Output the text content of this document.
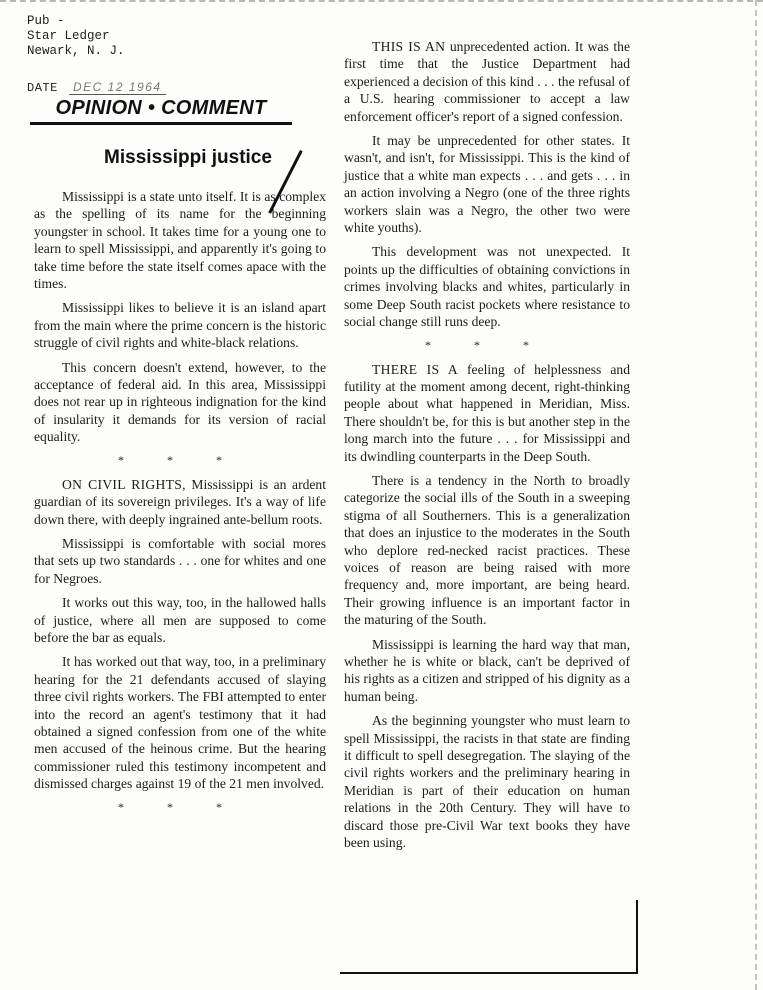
Pub -
Star Ledger
Newark, N. J.
DATE DEC 12 1964
OPINION • COMMENT
Mississippi justice

Mississippi is a state unto itself. It is as complex as the spelling of its name for the beginning youngster in school. It takes time for a young one to learn to spell Mississippi, and apparently it's going to take time before the state itself comes apace with the times.

Mississippi likes to believe it is an island apart from the main where the prime concern is the historic struggle of civil rights and white-black relations.

This concern doesn't extend, however, to the acceptance of federal aid. In this area, Mississippi does not rear up in righteous indignation for the kind of insularity it demands for its version of racial equality.

* * *

ON CIVIL RIGHTS, Mississippi is an ardent guardian of its sovereign privileges. It's a way of life down there, with deeply ingrained ante-bellum roots.

Mississippi is comfortable with social mores that sets up two standards . . . one for whites and one for Negroes.

It works out this way, too, in the hallowed halls of justice, where all men are supposed to come before the bar as equals.

It has worked out that way, too, in a preliminary hearing for the 21 defendants accused of slaying three civil rights workers. The FBI attempted to enter into the record an agent's testimony that it had obtained a signed confession from one of the white men accused of the heinous crime. But the hearing commissioner ruled this testimony incompetent and dismissed charges against 19 of the 21 men involved.

* * *

THIS IS AN unprecedented action. It was the first time that the Justice Department had experienced a decision of this kind . . . the refusal of a U.S. hearing commissioner to accept a law enforcement officer's report of a signed confession.

It may be unprecedented for other states. It wasn't, and isn't, for Mississippi. This is the kind of justice that a white man expects . . . and gets . . . in an action involving a Negro (one of the three rights workers slain was a Negro, the other two were white youths).

This development was not unexpected. It points up the difficulties of obtaining convictions in crimes involving blacks and whites, particularly in some Deep South racist pockets where resistance to social change still runs deep.

* * *

THERE IS A feeling of helplessness and futility at the moment among decent, right-thinking people about what happened in Meridian, Miss. There shouldn't be, for this is but another step in the long march into the future . . . for Mississippi and its dwindling counterparts in the Deep South.

There is a tendency in the North to broadly categorize the social ills of the South in a sweeping stigma of all Southerners. This is a generalization that does an injustice to the moderates in the South who deplore red-necked racist practices. These voices of reason are being raised with more frequency and, more important, are being heard. Their growing influence is an important factor in the maturing of the South.

Mississippi is learning the hard way that man, whether he is white or black, can't be deprived of his rights as a citizen and stripped of his dignity as a human being.

As the beginning youngster who must learn to spell Mississippi, the racists in that state are finding it difficult to spell desegregation. The slaying of the civil rights workers and the preliminary hearing in Meridian is part of their education on human relations in the 20th Century. They will have to discard those pre-Civil War text books they have been using.
